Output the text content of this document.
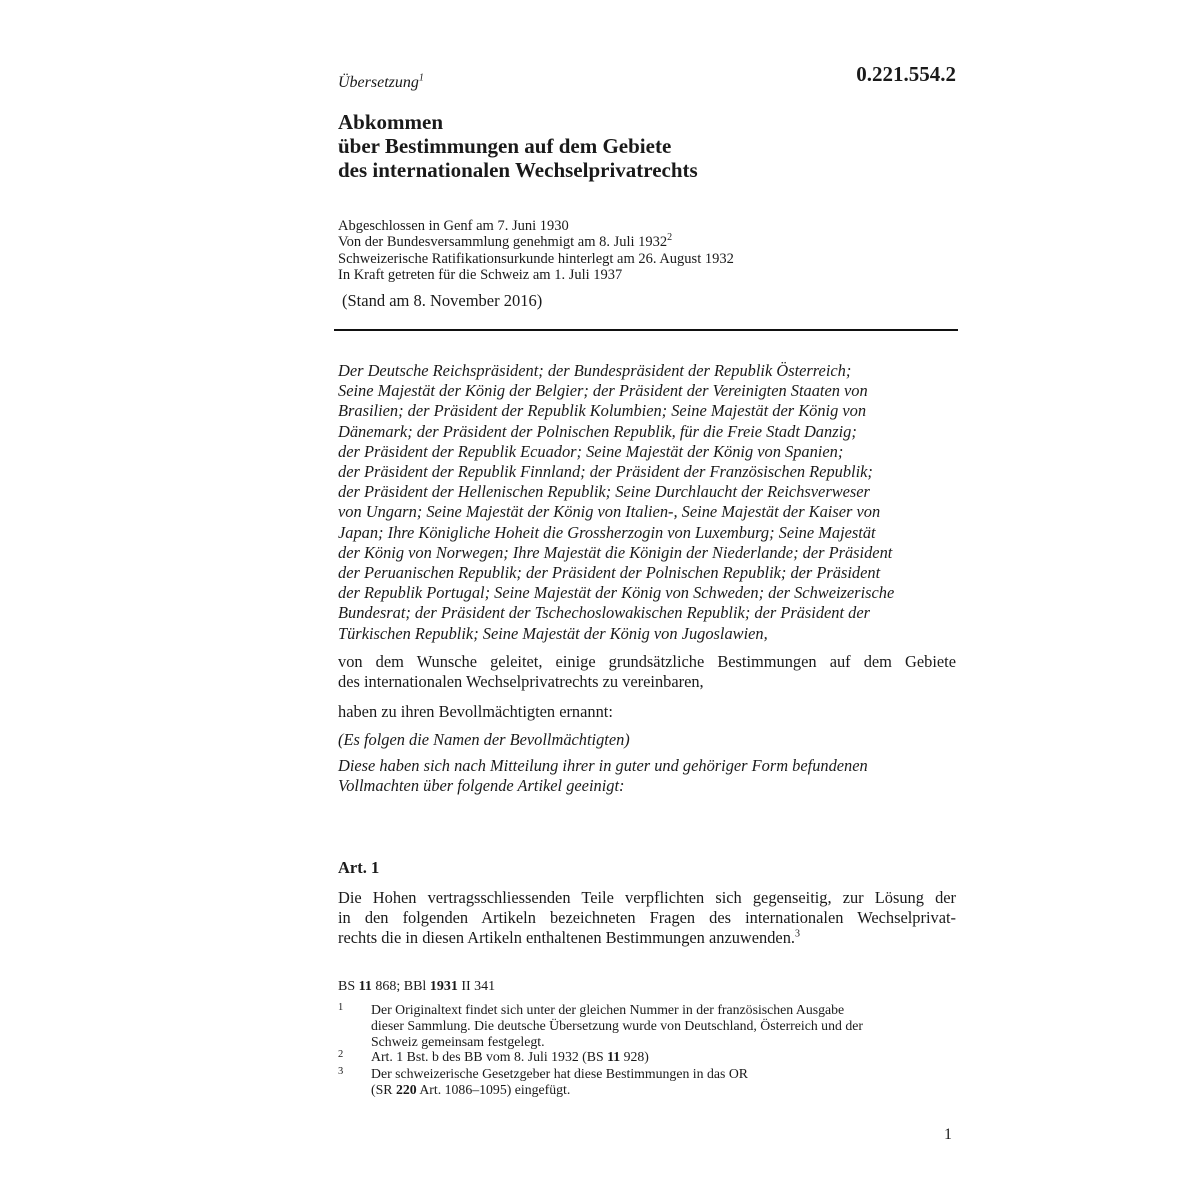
Übersetzung$^1$	0.221.554.2
Abkommen
über Bestimmungen auf dem Gebiete
des internationalen Wechselprivatrechts
Abgeschlossen in Genf am 7. Juni 1930
Von der Bundesversammlung genehmigt am 8. Juli 1932$^2$
Schweizerische Ratifikationsurkunde hinterlegt am 26. August 1932
In Kraft getreten für die Schweiz am 1. Juli 1937
(Stand am 8. November 2016)
Der Deutsche Reichspräsident; der Bundespräsident der Republik Österreich;
Seine Majestät der König der Belgier; der Präsident der Vereinigten Staaten von
Brasilien; der Präsident der Republik Kolumbien; Seine Majestät der König von
Dänemark; der Präsident der Polnischen Republik, für die Freie Stadt Danzig;
der Präsident der Republik Ecuador; Seine Majestät der König von Spanien;
der Präsident der Republik Finnland; der Präsident der Französischen Republik;
der Präsident der Hellenischen Republik; Seine Durchlaucht der Reichsverweser
von Ungarn; Seine Majestät der König von Italien-, Seine Majestät der Kaiser von
Japan; Ihre Königliche Hoheit die Grossherzogin von Luxemburg; Seine Majestät
der König von Norwegen; Ihre Majestät die Königin der Niederlande; der Präsident
der Peruanischen Republik; der Präsident der Polnischen Republik; der Präsident
der Republik Portugal; Seine Majestät der König von Schweden; der Schweizerische
Bundesrat; der Präsident der Tschechoslowakischen Republik; der Präsident der
Türkischen Republik; Seine Majestät der König von Jugoslawien,
von dem Wunsche geleitet, einige grundsätzliche Bestimmungen auf dem Gebiete
des internationalen Wechselprivatrechts zu vereinbaren,
haben zu ihren Bevollmächtigten ernannt:
(Es folgen die Namen der Bevollmächtigten)
Diese haben sich nach Mitteilung ihrer in guter und gehöriger Form befundenen
Vollmachten über folgende Artikel geeinigt:
Art. 1
Die Hohen vertragsschliessenden Teile verpflichten sich gegenseitig, zur Lösung der
in den folgenden Artikeln bezeichneten Fragen des internationalen Wechselprivat-
rechts die in diesen Artikeln enthaltenen Bestimmungen anzuwenden.$^3$
BS 11 868; BBl 1931 II 341
1 Der Originaltext findet sich unter der gleichen Nummer in der französischen Ausgabe
dieser Sammlung. Die deutsche Übersetzung wurde von Deutschland, Österreich und der
Schweiz gemeinsam festgelegt.
2 Art. 1 Bst. b des BB vom 8. Juli 1932 (BS 11 928)
3 Der schweizerische Gesetzgeber hat diese Bestimmungen in das OR
(SR 220 Art. 1086–1095) eingefügt.
1
